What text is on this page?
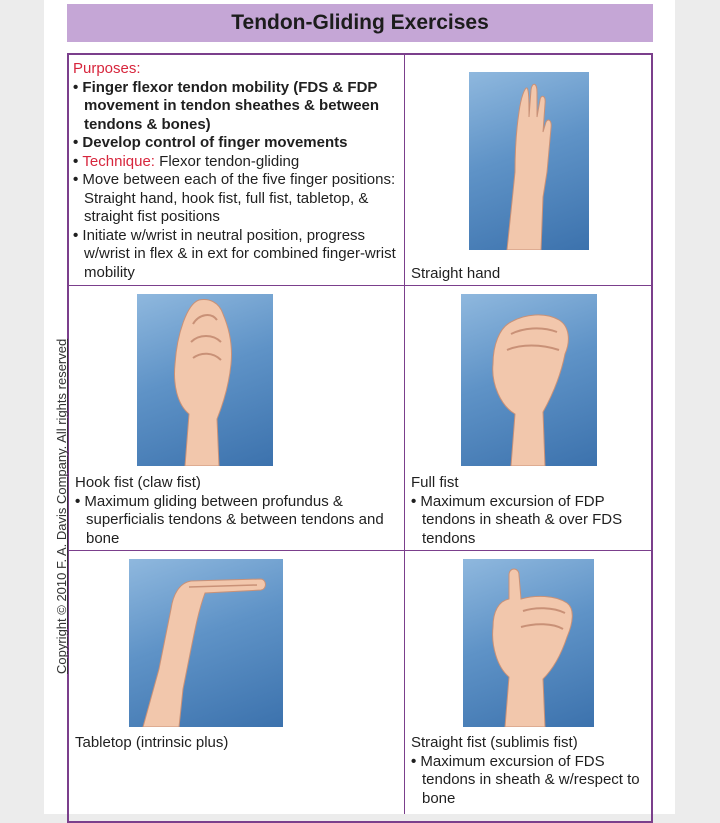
Tendon-Gliding Exercises
Copyright © 2010 F. A. Davis Company. All rights reserved
Purposes:
• Finger flexor tendon mobility (FDS & FDP movement in tendon sheathes & between tendons & bones)
• Develop control of finger movements
• Technique: Flexor tendon-gliding
• Move between each of the five finger positions: Straight hand, hook fist, full fist, tabletop, & straight fist positions
• Initiate w/wrist in neutral position, progress w/wrist in flex & in ext for combined finger-wrist mobility	Straight hand
Hook fist (claw fist)
• Maximum gliding between profundus & superficialis tendons & between tendons and bone
Full fist
• Maximum excursion of FDP tendons in sheath & over FDS tendons
Tabletop (intrinsic plus)	Straight fist (sublimis fist)
• Maximum excursion of FDS tendons in sheath & w/respect to bone
